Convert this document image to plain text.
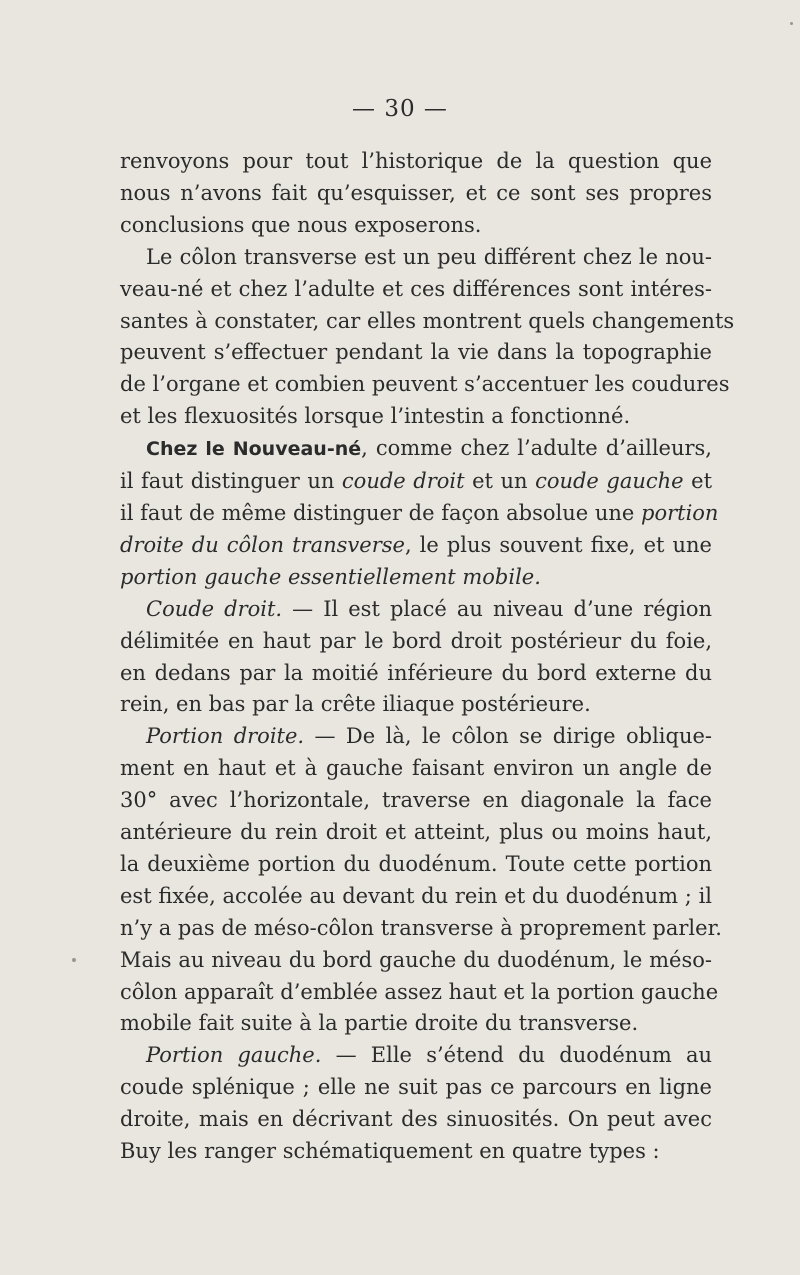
— 30 —
renvoyons pour tout l’historique de la question que
nous n’avons fait qu’esquisser, et ce sont ses propres
conclusions que nous exposerons.
Le côlon transverse est un peu différent chez le nou-
veau-né et chez l’adulte et ces différences sont intéres-
santes à constater, car elles montrent quels changements
peuvent s’effectuer pendant la vie dans la topographie
de l’organe et combien peuvent s’accentuer les coudures
et les flexuosités lorsque l’intestin a fonctionné.
Chez le Nouveau-né, comme chez l’adulte d’ailleurs,
il faut distinguer un coude droit et un coude gauche et
il faut de même distinguer de façon absolue une portion
droite du côlon transverse, le plus souvent fixe, et une
portion gauche essentiellement mobile.
Coude droit. — Il est placé au niveau d’une région
délimitée en haut par le bord droit postérieur du foie,
en dedans par la moitié inférieure du bord externe du
rein, en bas par la crête iliaque postérieure.
Portion droite. — De là, le côlon se dirige oblique-
ment en haut et à gauche faisant environ un angle de
30° avec l’horizontale, traverse en diagonale la face
antérieure du rein droit et atteint, plus ou moins haut,
la deuxième portion du duodénum. Toute cette portion
est fixée, accolée au devant du rein et du duodénum ; il
n’y a pas de méso-côlon transverse à proprement parler.
Mais au niveau du bord gauche du duodénum, le méso-
côlon apparaît d’emblée assez haut et la portion gauche
mobile fait suite à la partie droite du transverse.
Portion gauche. — Elle s’étend du duodénum au
coude splénique ; elle ne suit pas ce parcours en ligne
droite, mais en décrivant des sinuosités. On peut avec
Buy les ranger schématiquement en quatre types :
